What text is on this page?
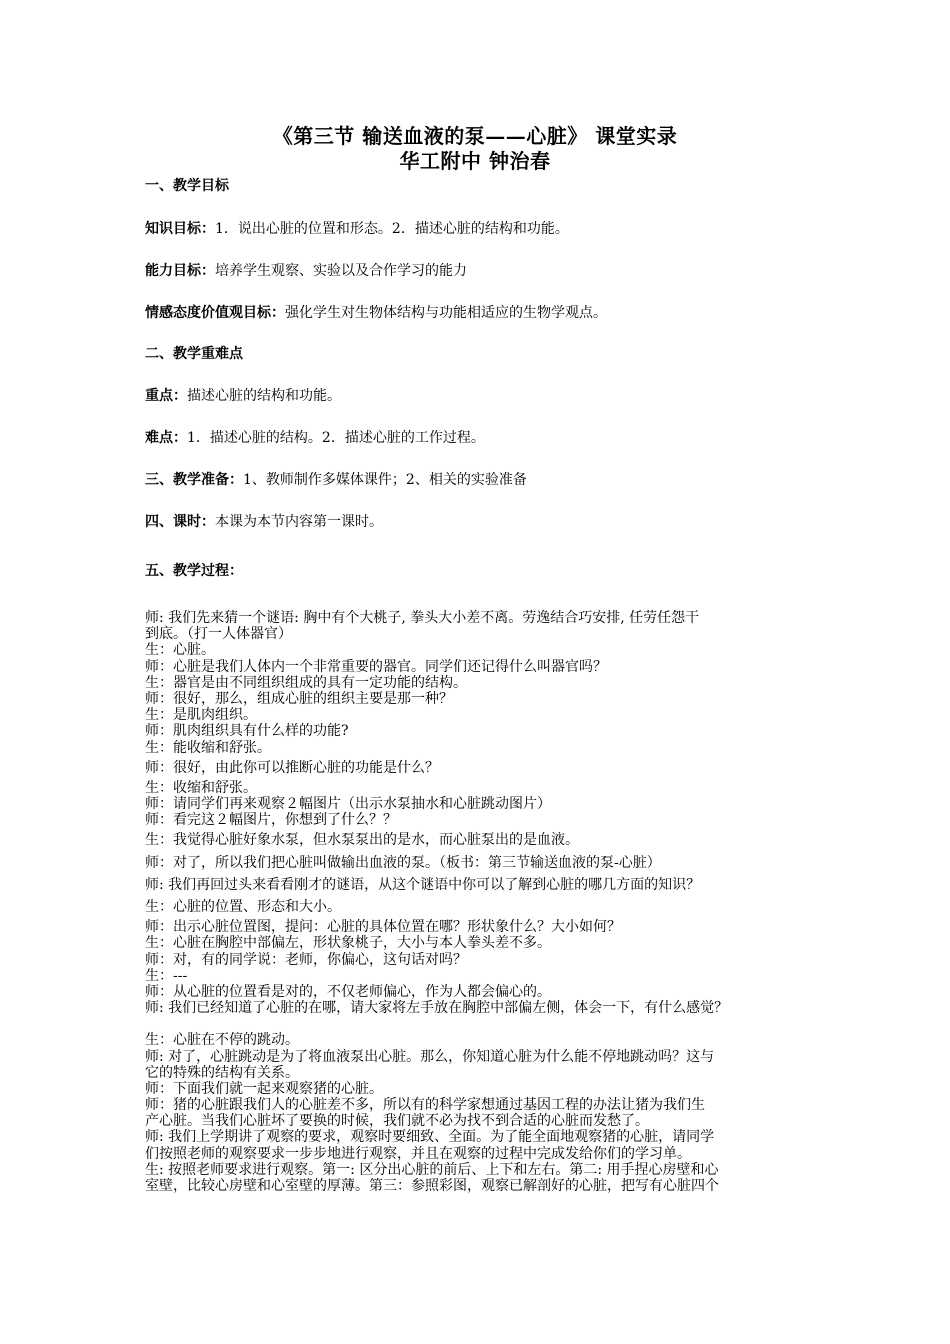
《第三节 输送血液的泵——心脏》 课堂实录
华工附中 钟治春
一、教学目标
知识目标：1．说出心脏的位置和形态。2．描述心脏的结构和功能。
能力目标：培养学生观察、实验以及合作学习的能力
情感态度价值观目标：强化学生对生物体结构与功能相适应的生物学观点。
二、教学重难点
重点：描述心脏的结构和功能。
难点：1．描述心脏的结构。2．描述心脏的工作过程。
三、教学准备：1、教师制作多媒体课件；2、相关的实验准备
四、课时：本课为本节内容第一课时。
五、教学过程：
师: 我们先来猜一个谜语: 胸中有个大桃子, 拳头大小差不离。劳逸结合巧安排, 任劳任怨干
到底。（打一人体器官）
生：心脏。
师：心脏是我们人体内一个非常重要的器官。同学们还记得什么叫器官吗？
生：器官是由不同组织组成的具有一定功能的结构。
师：很好，那么，组成心脏的组织主要是那一种？
生：是肌肉组织。
师：肌肉组织具有什么样的功能?
生：能收缩和舒张。
师：很好，由此你可以推断心脏的功能是什么？
生：收缩和舒张。
师：请同学们再来观察２幅图片（出示水泵抽水和心脏跳动图片）
师：看完这２幅图片，你想到了什么？？
生：我觉得心脏好象水泵，但水泵泵出的是水，而心脏泵出的是血液。
师：对了，所以我们把心脏叫做输出血液的泵。（板书：第三节输送血液的泵-心脏）
师: 我们再回过头来看看刚才的谜语，从这个谜语中你可以了解到心脏的哪几方面的知识？
生：心脏的位置、形态和大小。
师：出示心脏位置图，提问：心脏的具体位置在哪？形状象什么？大小如何？
生：心脏在胸腔中部偏左，形状象桃子，大小与本人拳头差不多。
师：对，有的同学说：老师，你偏心，这句话对吗？
生：---
师：从心脏的位置看是对的，不仅老师偏心，作为人都会偏心的。
师: 我们已经知道了心脏的在哪，请大家将左手放在胸腔中部偏左侧，体会一下，有什么感觉？
生：心脏在不停的跳动。
师: 对了，心脏跳动是为了将血液泵出心脏。那么，你知道心脏为什么能不停地跳动吗？这与
它的特殊的结构有关系。
师：下面我们就一起来观察猪的心脏。
师：猪的心脏跟我们人的心脏差不多，所以有的科学家想通过基因工程的办法让猪为我们生
产心脏。当我们心脏坏了要换的时候，我们就不必为找不到合适的心脏而发愁了。
师: 我们上学期讲了观察的要求，观察时要细致、全面。为了能全面地观察猪的心脏，请同学
们按照老师的观察要求一步步地进行观察，并且在观察的过程中完成发给你们的学习单。
生: 按照老师要求进行观察。第一: 区分出心脏的前后、上下和左右。第二: 用手捏心房壁和心
室壁，比较心房壁和心室壁的厚薄。第三：参照彩图，观察已解剖好的心脏，把写有心脏四个
